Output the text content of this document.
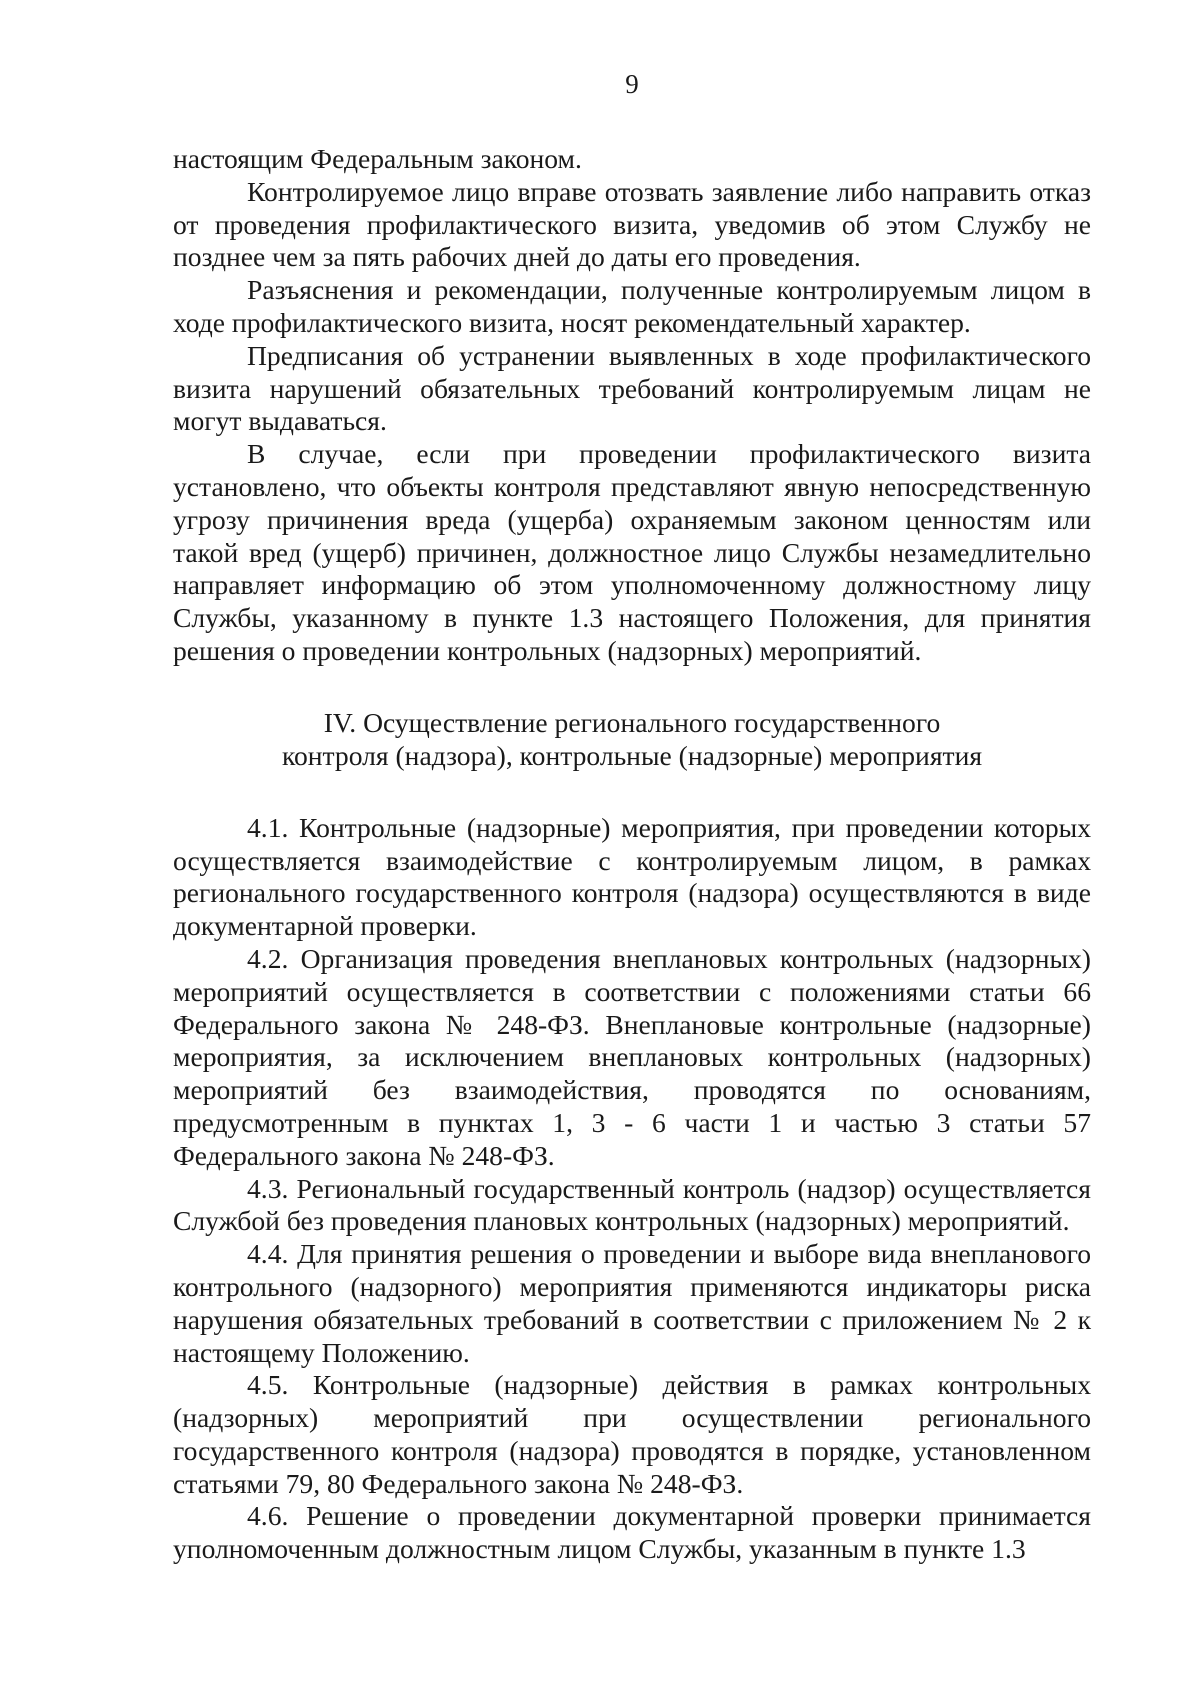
9

настоящим Федеральным законом.

Контролируемое лицо вправе отозвать заявление либо направить отказ от проведения профилактического визита, уведомив об этом Службу не позднее чем за пять рабочих дней до даты его проведения.

Разъяснения и рекомендации, полученные контролируемым лицом в ходе профилактического визита, носят рекомендательный характер.

Предписания об устранении выявленных в ходе профилактического визита нарушений обязательных требований контролируемым лицам не могут выдаваться.

В случае, если при проведении профилактического визита установлено, что объекты контроля представляют явную непосредственную угрозу причинения вреда (ущерба) охраняемым законом ценностям или такой вред (ущерб) причинен, должностное лицо Службы незамедлительно направляет информацию об этом уполномоченному должностному лицу Службы, указанному в пункте 1.3 настоящего Положения, для принятия решения о проведении контрольных (надзорных) мероприятий.

IV. Осуществление регионального государственного
контроля (надзора), контрольные (надзорные) мероприятия

4.1. Контрольные (надзорные) мероприятия, при проведении которых осуществляется взаимодействие с контролируемым лицом, в рамках регионального государственного контроля (надзора) осуществляются в виде документарной проверки.

4.2. Организация проведения внеплановых контрольных (надзорных) мероприятий осуществляется в соответствии с положениями статьи 66 Федерального закона № 248-ФЗ. Внеплановые контрольные (надзорные) мероприятия, за исключением внеплановых контрольных (надзорных) мероприятий без взаимодействия, проводятся по основаниям, предусмотренным в пунктах 1, 3 - 6 части 1 и частью 3 статьи 57 Федерального закона № 248-ФЗ.

4.3. Региональный государственный контроль (надзор) осуществляется Службой без проведения плановых контрольных (надзорных) мероприятий.

4.4. Для принятия решения о проведении и выборе вида внепланового контрольного (надзорного) мероприятия применяются индикаторы риска нарушения обязательных требований в соответствии с приложением № 2 к настоящему Положению.

4.5. Контрольные (надзорные) действия в рамках контрольных (надзорных) мероприятий при осуществлении регионального государственного контроля (надзора) проводятся в порядке, установленном статьями 79, 80 Федерального закона № 248-ФЗ.

4.6. Решение о проведении документарной проверки принимается уполномоченным должностным лицом Службы, указанным в пункте 1.3
